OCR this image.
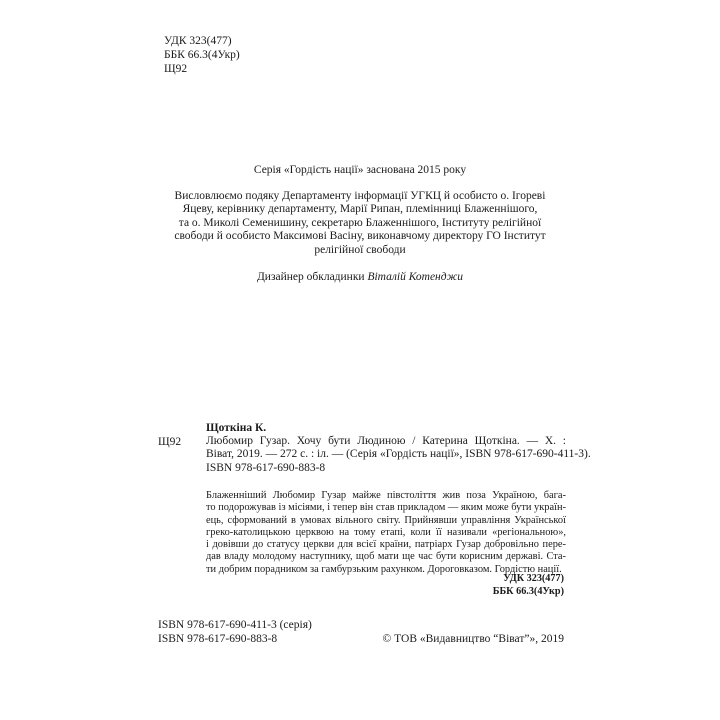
УДК 323(477)
ББК 66.3(4Укр)
Щ92
Серія «Гордість нації» заснована 2015 року
Висловлюємо подяку Департаменту інформації УГКЦ й особисто о. Ігореві
Яцеву, керівнику департаменту, Марії Рипан, племінниці Блаженнішого,
та о. Миколі Семенишину, секретарю Блаженнішого, Інституту релігійної
свободи й особисто Максимові Васіну, виконавчому директору ГО Інститут
релігійної свободи
Дизайнер обкладинки Віталій Котенджи
Щоткіна К.
Щ92 Любомир Гузар. Хочу бути Людиною / Катерина Щоткіна. — Х. :
Віват, 2019. — 272 с. : іл. — (Серія «Гордість нації», ISBN 978-617-690-411-3).
ISBN 978-617-690-883-8
Блаженніший Любомир Гузар майже півстоліття жив поза Україною, бага-
то подорожував із місіями, і тепер він став прикладом — яким може бути україн-
ець, сформований в умовах вільного світу. Прийнявши управління Української
греко-католицькою церквою на тому етапі, коли її називали «регіональною»,
і довівши до статусу церкви для всієї країни, патріарх Гузар добровільно пере-
дав владу молодому наступнику, щоб мати ще час бути корисним державі. Ста-
ти добрим порадником за гамбурзьким рахунком. Дороговказом. Гордістю нації.
УДК 323(477)
ББК 66.3(4Укр)
ISBN 978-617-690-411-3 (серія)
ISBN 978-617-690-883-8	© ТОВ «Видавництво “Віват”», 2019
